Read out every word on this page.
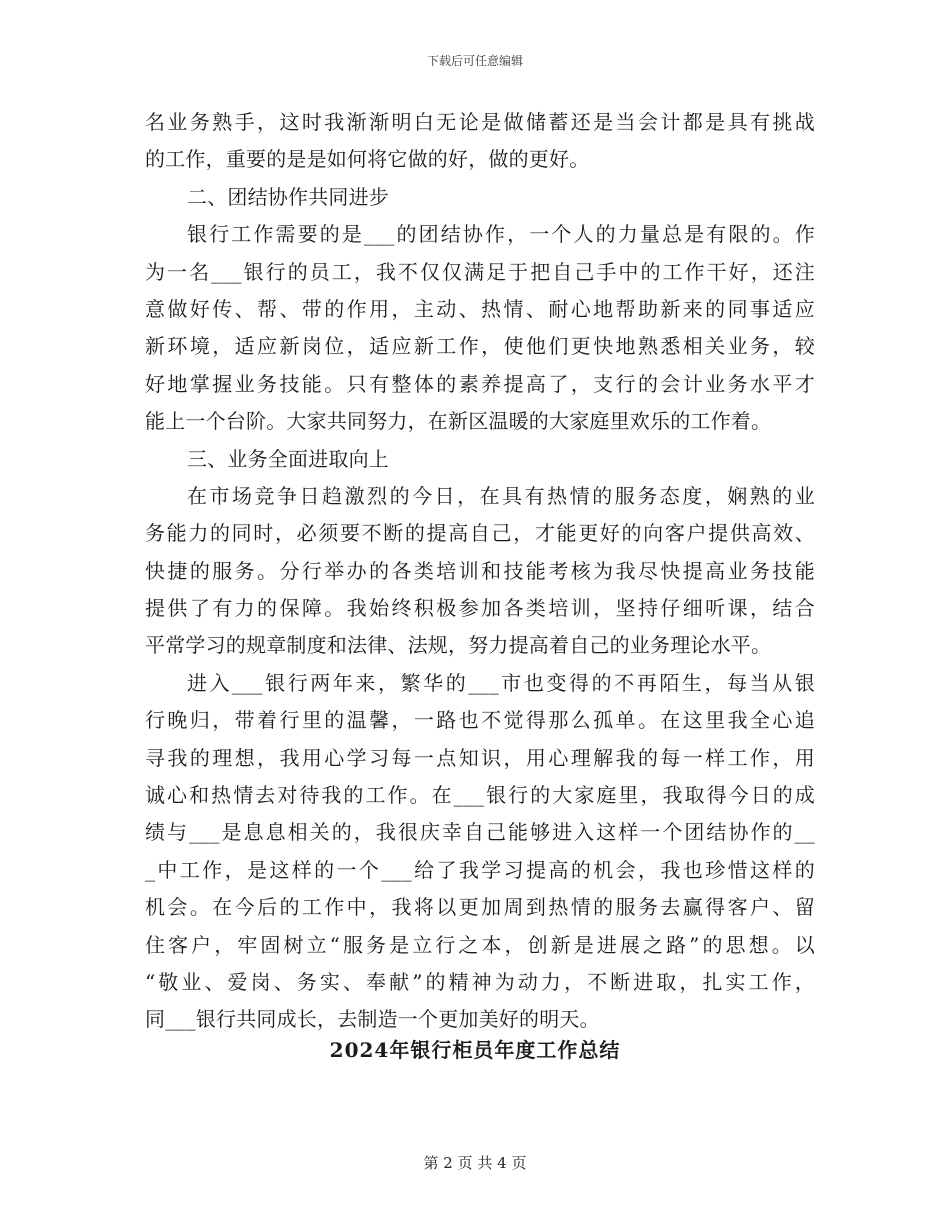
下载后可任意编辑
名业务熟手，这时我渐渐明白无论是做储蓄还是当会计都是具有挑战
的工作，重要的是是如何将它做的好，做的更好。
二、团结协作共同进步
银行工作需要的是___的团结协作，一个人的力量总是有限的。作
为一名___银行的员工，我不仅仅满足于把自己手中的工作干好，还注
意做好传、帮、带的作用，主动、热情、耐心地帮助新来的同事适应
新环境，适应新岗位，适应新工作，使他们更快地熟悉相关业务，较
好地掌握业务技能。只有整体的素养提高了，支行的会计业务水平才
能上一个台阶。大家共同努力，在新区温暖的大家庭里欢乐的工作着。
三、业务全面进取向上
在市场竞争日趋激烈的今日，在具有热情的服务态度，娴熟的业
务能力的同时，必须要不断的提高自己，才能更好的向客户提供高效、
快捷的服务。分行举办的各类培训和技能考核为我尽快提高业务技能
提供了有力的保障。我始终积极参加各类培训，坚持仔细听课，结合
平常学习的规章制度和法律、法规，努力提高着自己的业务理论水平。
进入___银行两年来，繁华的___市也变得的不再陌生，每当从银
行晚归，带着行里的温馨，一路也不觉得那么孤单。在这里我全心追
寻我的理想，我用心学习每一点知识，用心理解我的每一样工作，用
诚心和热情去对待我的工作。在___银行的大家庭里，我取得今日的成
绩与___是息息相关的，我很庆幸自己能够进入这样一个团结协作的__
_中工作，是这样的一个___给了我学习提高的机会，我也珍惜这样的
机会。在今后的工作中，我将以更加周到热情的服务去赢得客户、留
住客户，牢固树立“服务是立行之本，创新是进展之路”的思想。以
“敬业、爱岗、务实、奉献”的精神为动力，不断进取，扎实工作，
同___银行共同成长，去制造一个更加美好的明天。
2024年银行柜员年度工作总结
第 2 页 共 4 页
